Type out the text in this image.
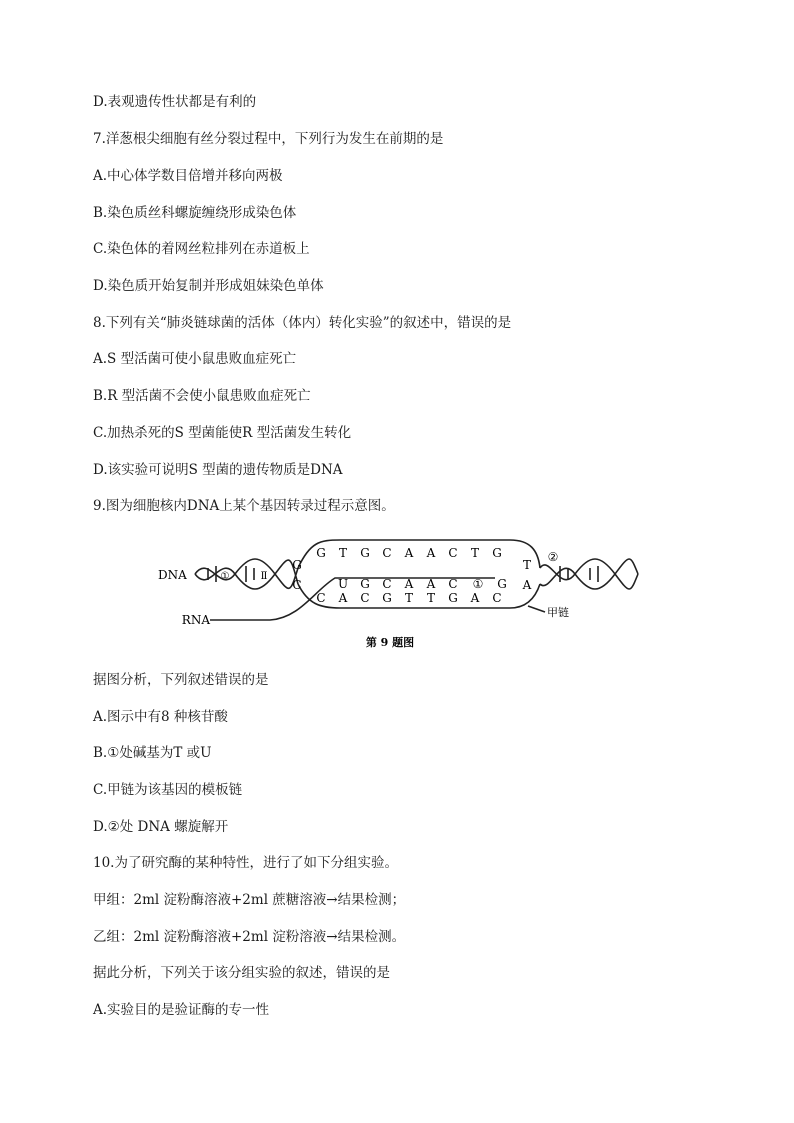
D.表观遗传性状都是有利的
7.洋葱根尖细胞有丝分裂过程中，下列行为发生在前期的是
A.中心体学数目倍增并移向两极
B.染色质丝科螺旋缠绕形成染色体
C.染色体的着网丝粒排列在赤道板上
D.染色质开始复制并形成姐妹染色单体
8.下列有关“肺炎链球菌的活体（体内）转化实验”的叙述中，错误的是
A.S 型活菌可使小鼠患败血症死亡
B.R 型活菌不会使小鼠患败血症死亡
C.加热杀死的S 型菌能使R 型活菌发生转化
D.该实验可说明S 型菌的遗传物质是DNA
9.图为细胞核内DNA上某个基因转录过程示意图。
①	Ⅱ
G T G C A A C T G
U G C A A C ① G
C A C G T T G A C
G
C
T
A
②
DNA
RNA
甲链
第 9 题图
据图分析，下列叙述错误的是
A.图示中有8 种核苷酸
B.①处碱基为T 或U
C.甲链为该基因的模板链
D.②处 DNA 螺旋解开
10.为了研究酶的某种特性，进行了如下分组实验。
甲组：2ml 淀粉酶溶液+2ml 蔗糖溶液→结果检测；
乙组：2ml 淀粉酶溶液+2ml 淀粉溶液→结果检测。
据此分析，下列关于该分组实验的叙述，错误的是
A.实验目的是验证酶的专一性
